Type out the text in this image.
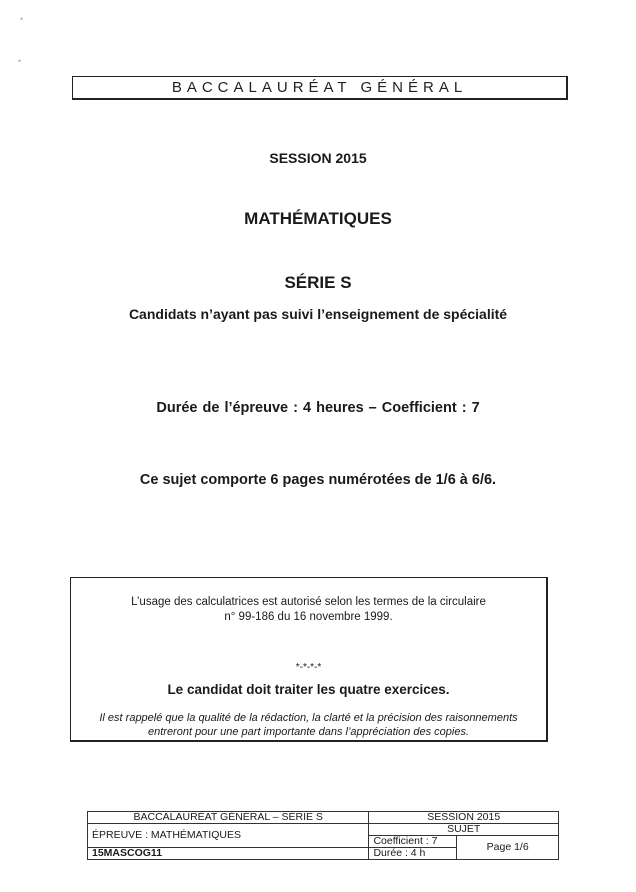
•
•
BACCALAURÉAT GÉNÉRAL
SESSION 2015
MATHÉMATIQUES
SÉRIE S
Candidats n’ayant pas suivi l’enseignement de spécialité
Durée de l’épreuve : 4 heures – Coefficient : 7
Ce sujet comporte 6 pages numérotées de 1/6 à 6/6.
L’usage des calculatrices est autorisé selon les termes de la circulaire
n° 99-186 du 16 novembre 1999.
*-*-*-*
Le candidat doit traiter les quatre exercices.
Il est rappelé que la qualité de la rédaction, la clarté et la précision des raisonnements
entreront pour une part importante dans l’appréciation des copies.
BACCALAURÉAT GÉNÉRAL – SÉRIE S	SESSION 2015	
ÉPREUVE : MATHÉMATIQUES	SUJET	
	Coefficient : 7	Page 1/6
15MASCOG11	Durée : 4 h	
